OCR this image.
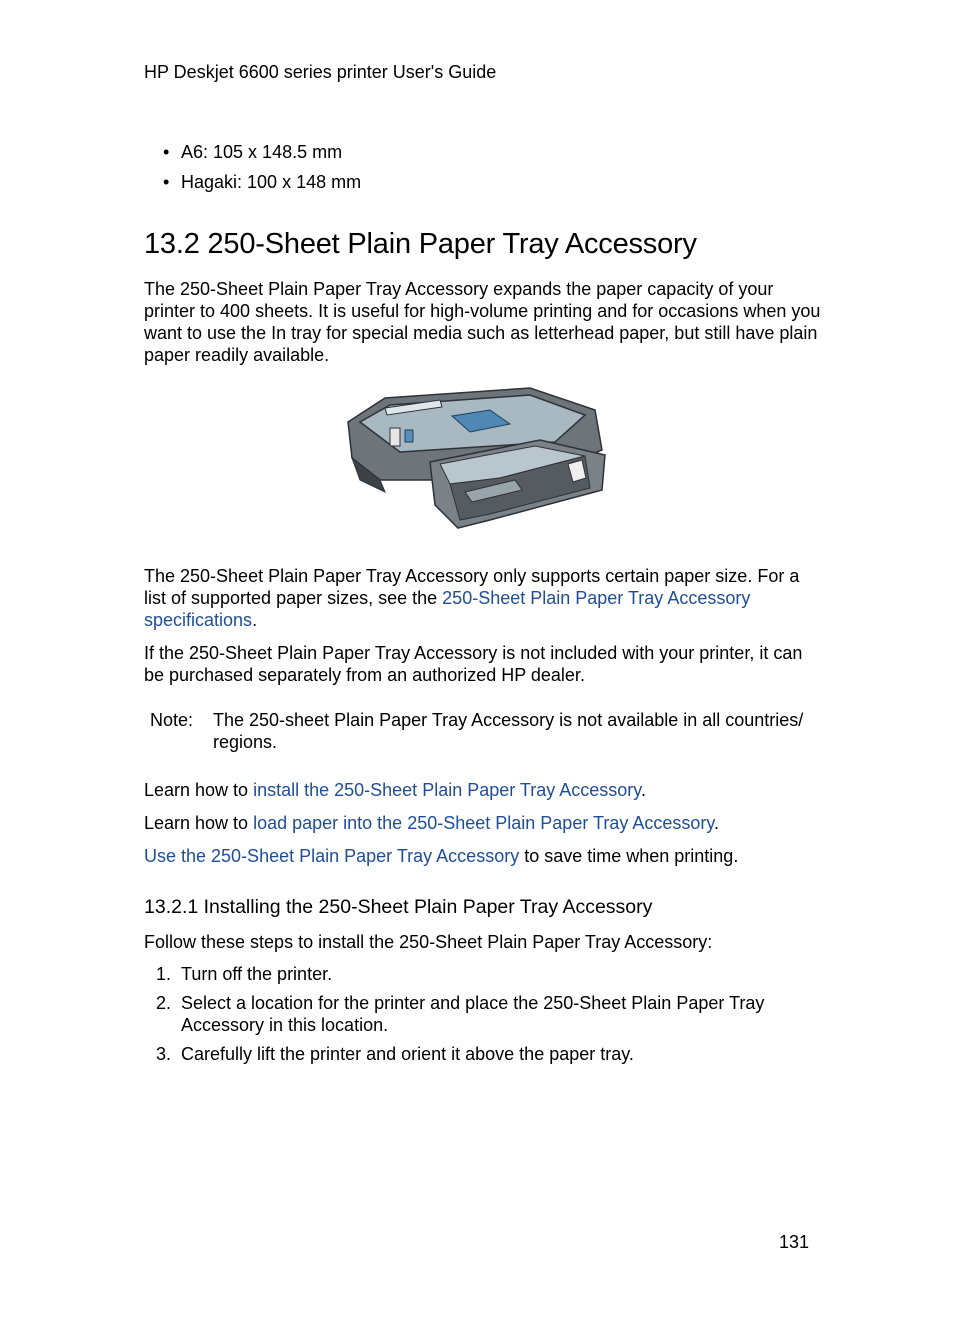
HP Deskjet 6600 series printer User's Guide
• A6: 105 x 148.5 mm
• Hagaki: 100 x 148 mm
13.2 250-Sheet Plain Paper Tray Accessory

The 250-Sheet Plain Paper Tray Accessory expands the paper capacity of your printer to 400 sheets. It is useful for high-volume printing and for occasions when you want to use the In tray for special media such as letterhead paper, but still have plain paper readily available.

The 250-Sheet Plain Paper Tray Accessory only supports certain paper size. For a list of supported paper sizes, see the 250-Sheet Plain Paper Tray Accessory specifications.

If the 250-Sheet Plain Paper Tray Accessory is not included with your printer, it can be purchased separately from an authorized HP dealer.

Note: The 250-sheet Plain Paper Tray Accessory is not available in all countries/ regions.

Learn how to install the 250-Sheet Plain Paper Tray Accessory.

Learn how to load paper into the 250-Sheet Plain Paper Tray Accessory.

Use the 250-Sheet Plain Paper Tray Accessory to save time when printing.

13.2.1 Installing the 250-Sheet Plain Paper Tray Accessory

Follow these steps to install the 250-Sheet Plain Paper Tray Accessory:

1. Turn off the printer.
2. Select a location for the printer and place the 250-Sheet Plain Paper Tray Accessory in this location.
3. Carefully lift the printer and orient it above the paper tray.
131
